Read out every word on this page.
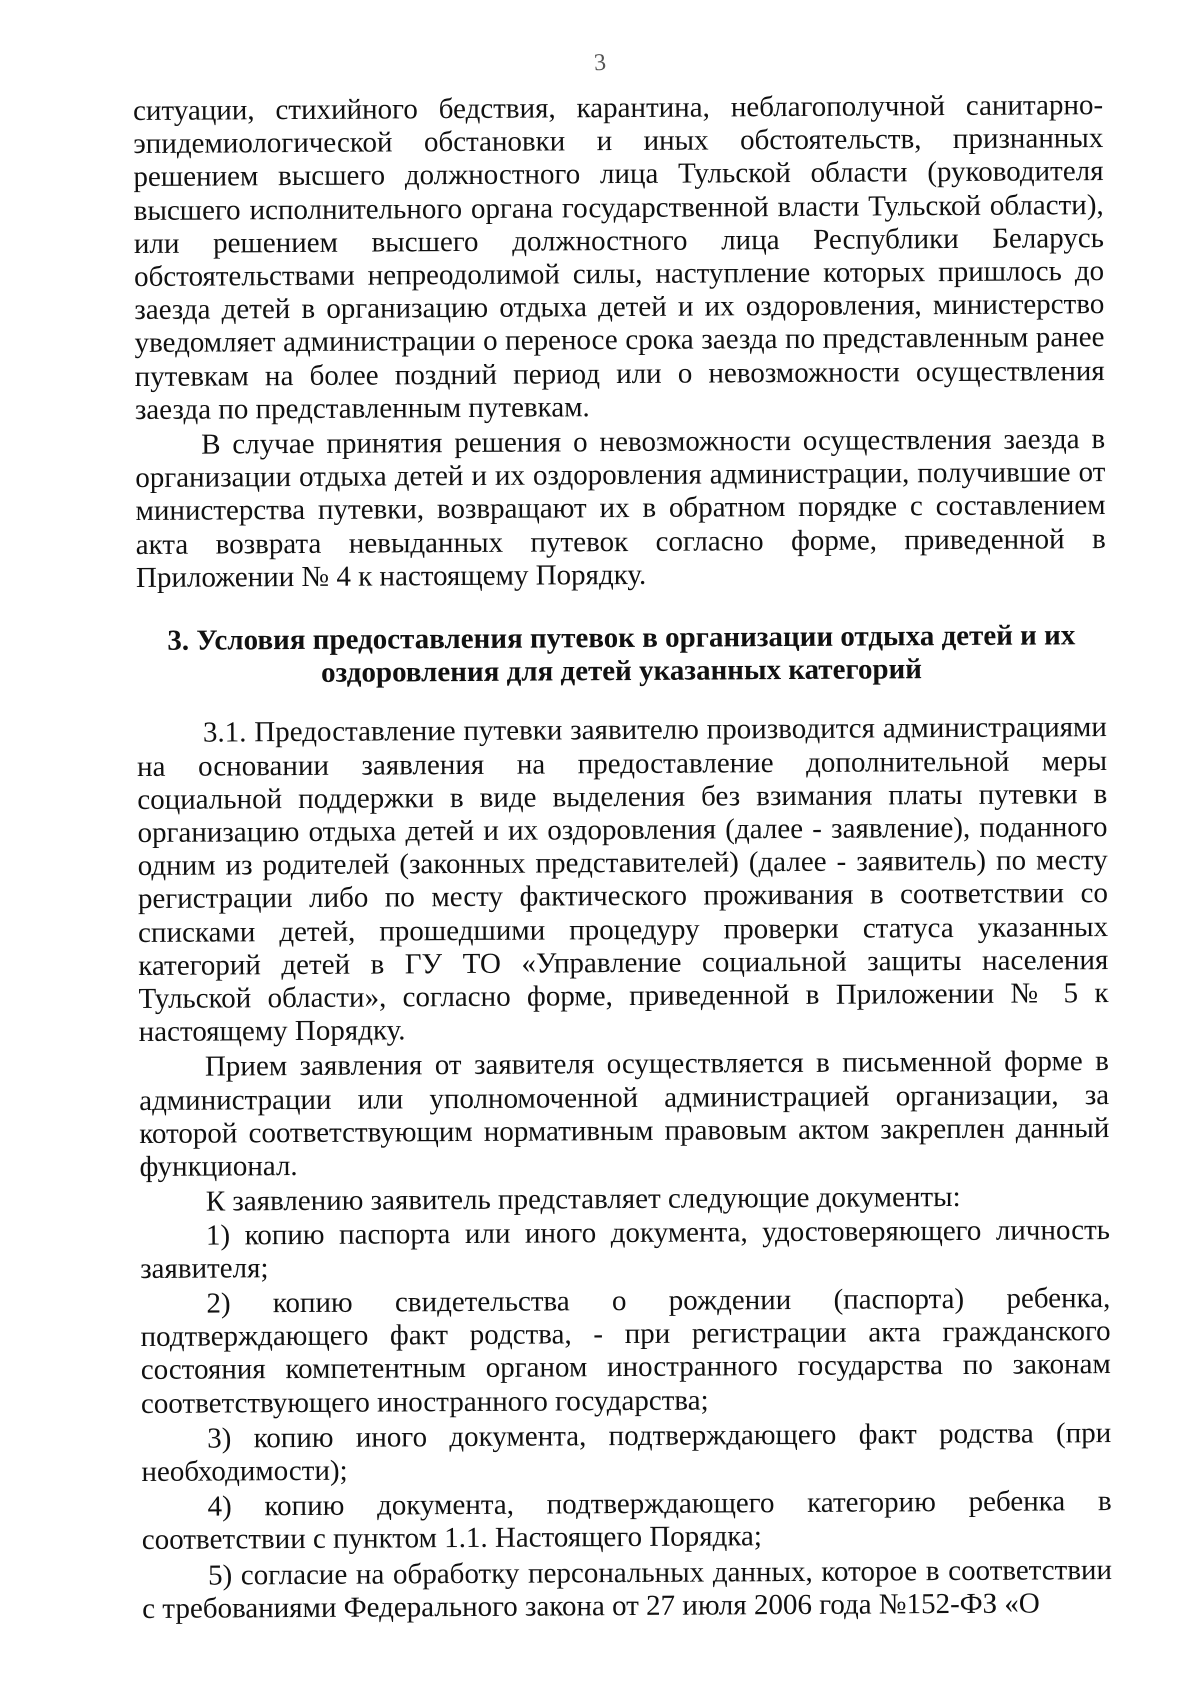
3

ситуации, стихийного бедствия, карантина, неблагополучной санитарно-эпидемиологической обстановки и иных обстоятельств, признанных решением высшего должностного лица Тульской области (руководителя высшего исполнительного органа государственной власти Тульской области), или решением высшего должностного лица Республики Беларусь обстоятельствами непреодолимой силы, наступление которых пришлось до заезда детей в организацию отдыха детей и их оздоровления, министерство уведомляет администрации о переносе срока заезда по представленным ранее путевкам на более поздний период или о невозможности осуществления заезда по представленным путевкам.

В случае принятия решения о невозможности осуществления заезда в организации отдыха детей и их оздоровления администрации, получившие от министерства путевки, возвращают их в обратном порядке с составлением акта возврата невыданных путевок согласно форме, приведенной в Приложении № 4 к настоящему Порядку.

3. Условия предоставления путевок в организации отдыха детей и их
оздоровления для детей указанных категорий

3.1. Предоставление путевки заявителю производится администрациями на основании заявления на предоставление дополнительной меры социальной поддержки в виде выделения без взимания платы путевки в организацию отдыха детей и их оздоровления (далее - заявление), поданного одним из родителей (законных представителей) (далее - заявитель) по месту регистрации либо по месту фактического проживания в соответствии со списками детей, прошедшими процедуру проверки статуса указанных категорий детей в ГУ ТО «Управление социальной защиты населения Тульской области», согласно форме, приведенной в Приложении № 5 к настоящему Порядку.

Прием заявления от заявителя осуществляется в письменной форме в администрации или уполномоченной администрацией организации, за которой соответствующим нормативным правовым актом закреплен данный функционал.

К заявлению заявитель представляет следующие документы:

1) копию паспорта или иного документа, удостоверяющего личность заявителя;

2) копию свидетельства о рождении (паспорта) ребенка, подтверждающего факт родства, - при регистрации акта гражданского состояния компетентным органом иностранного государства по законам соответствующего иностранного государства;

3) копию иного документа, подтверждающего факт родства (при необходимости);

4) копию документа, подтверждающего категорию ребенка в соответствии с пунктом 1.1. Настоящего Порядка;

5) согласие на обработку персональных данных, которое в соответствии с требованиями Федерального закона от 27 июля 2006 года №152-ФЗ «О
